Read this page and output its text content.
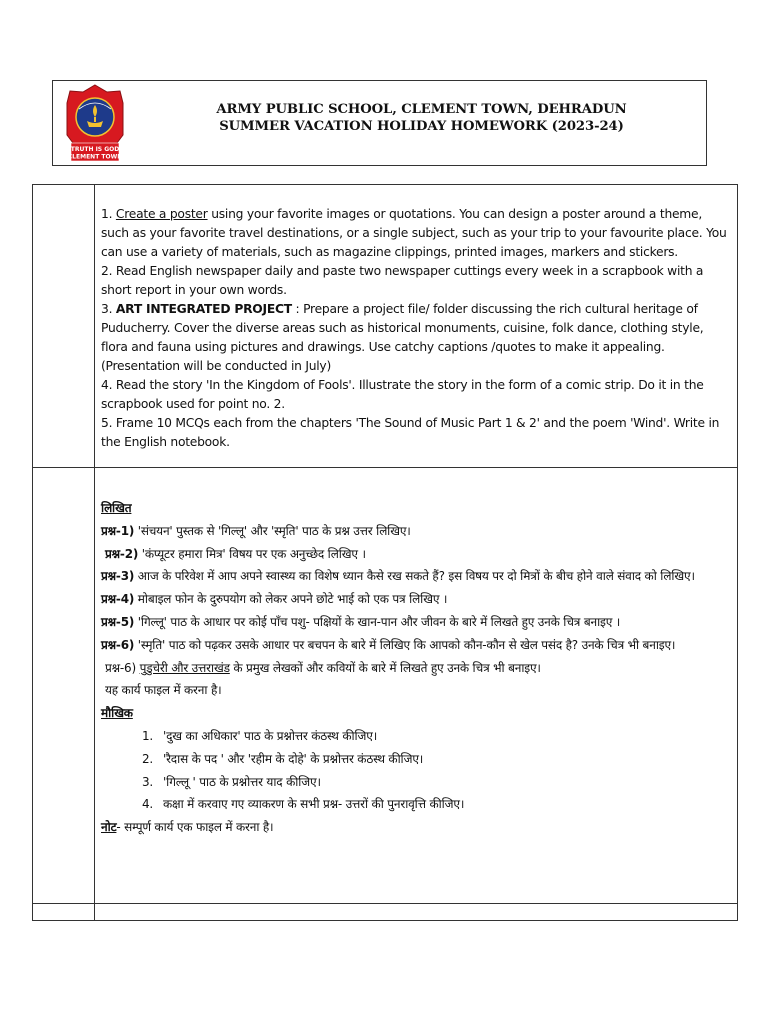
TRUTH IS GOD
CLEMENT TOWN
ARMY PUBLIC SCHOOL, CLEMENT TOWN, DEHRADUN
SUMMER VACATION HOLIDAY HOMEWORK (2023-24)

1. Create a poster using your favorite images or quotations. You can design a poster around a theme, such as your favorite travel destinations, or a single subject, such as your trip to your favourite place. You can use a variety of materials, such as magazine clippings, printed images, markers and stickers.

2. Read English newspaper daily and paste two newspaper cuttings every week in a scrapbook with a short report in your own words.

3. ART INTEGRATED PROJECT : Prepare a project file/ folder discussing the rich cultural heritage of Puducherry. Cover the diverse areas such as historical monuments, cuisine, folk dance, clothing style, flora and fauna using pictures and drawings. Use catchy captions /quotes to make it appealing.

(Presentation will be conducted in July)

4. Read the story 'In the Kingdom of Fools'. Illustrate the story in the form of a comic strip. Do it in the scrapbook used for point no. 2.

5. Frame 10 MCQs each from the chapters 'The Sound of Music Part 1 & 2' and the poem 'Wind'. Write in the English notebook.

लिखित

प्रश्न-1) 'संचयन' पुस्तक से 'गिल्लू' और 'स्मृति' पाठ के प्रश्न उत्तर लिखिए।

प्रश्न-2) 'कंप्यूटर हमारा मित्र' विषय पर एक अनुच्छेद लिखिए ।

प्रश्न-3) आज के परिवेश में आप अपने स्वास्थ्य का विशेष ध्यान कैसे रख सकते हैं? इस विषय पर दो मित्रों के बीच होने वाले संवाद को लिखिए।

प्रश्न-4) मोबाइल फोन के दुरुपयोग को लेकर अपने छोटे भाई को एक पत्र लिखिए ।

प्रश्न-5) 'गिल्लू' पाठ के आधार पर कोई पाँच पशु- पक्षियों के खान-पान और जीवन के बारे में लिखते हुए उनके चित्र बनाइए ।

प्रश्न-6) 'स्मृति' पाठ को पढ़कर उसके आधार पर बचपन के बारे में लिखिए कि आपको कौन-कौन से खेल पसंद है? उनके चित्र भी बनाइए।

प्रश्न-6) पुडुचेरी और उत्तराखंड के प्रमुख लेखकों और कवियों के बारे में लिखते हुए उनके चित्र भी बनाइए।

यह कार्य फाइल में करना है।

मौखिक

1. 'दुख का अधिकार' पाठ के प्रश्नोत्तर कंठस्थ कीजिए।

2. 'रैदास के पद ' और 'रहीम के दोहे' के प्रश्नोत्तर कंठस्थ कीजिए।

3. 'गिल्लू ' पाठ के प्रश्नोत्तर याद कीजिए।

4. कक्षा में करवाए गए व्याकरण के सभी प्रश्न- उत्तरों की पुनरावृत्ति कीजिए।

नोट- सम्पूर्ण कार्य एक फाइल में करना है।
